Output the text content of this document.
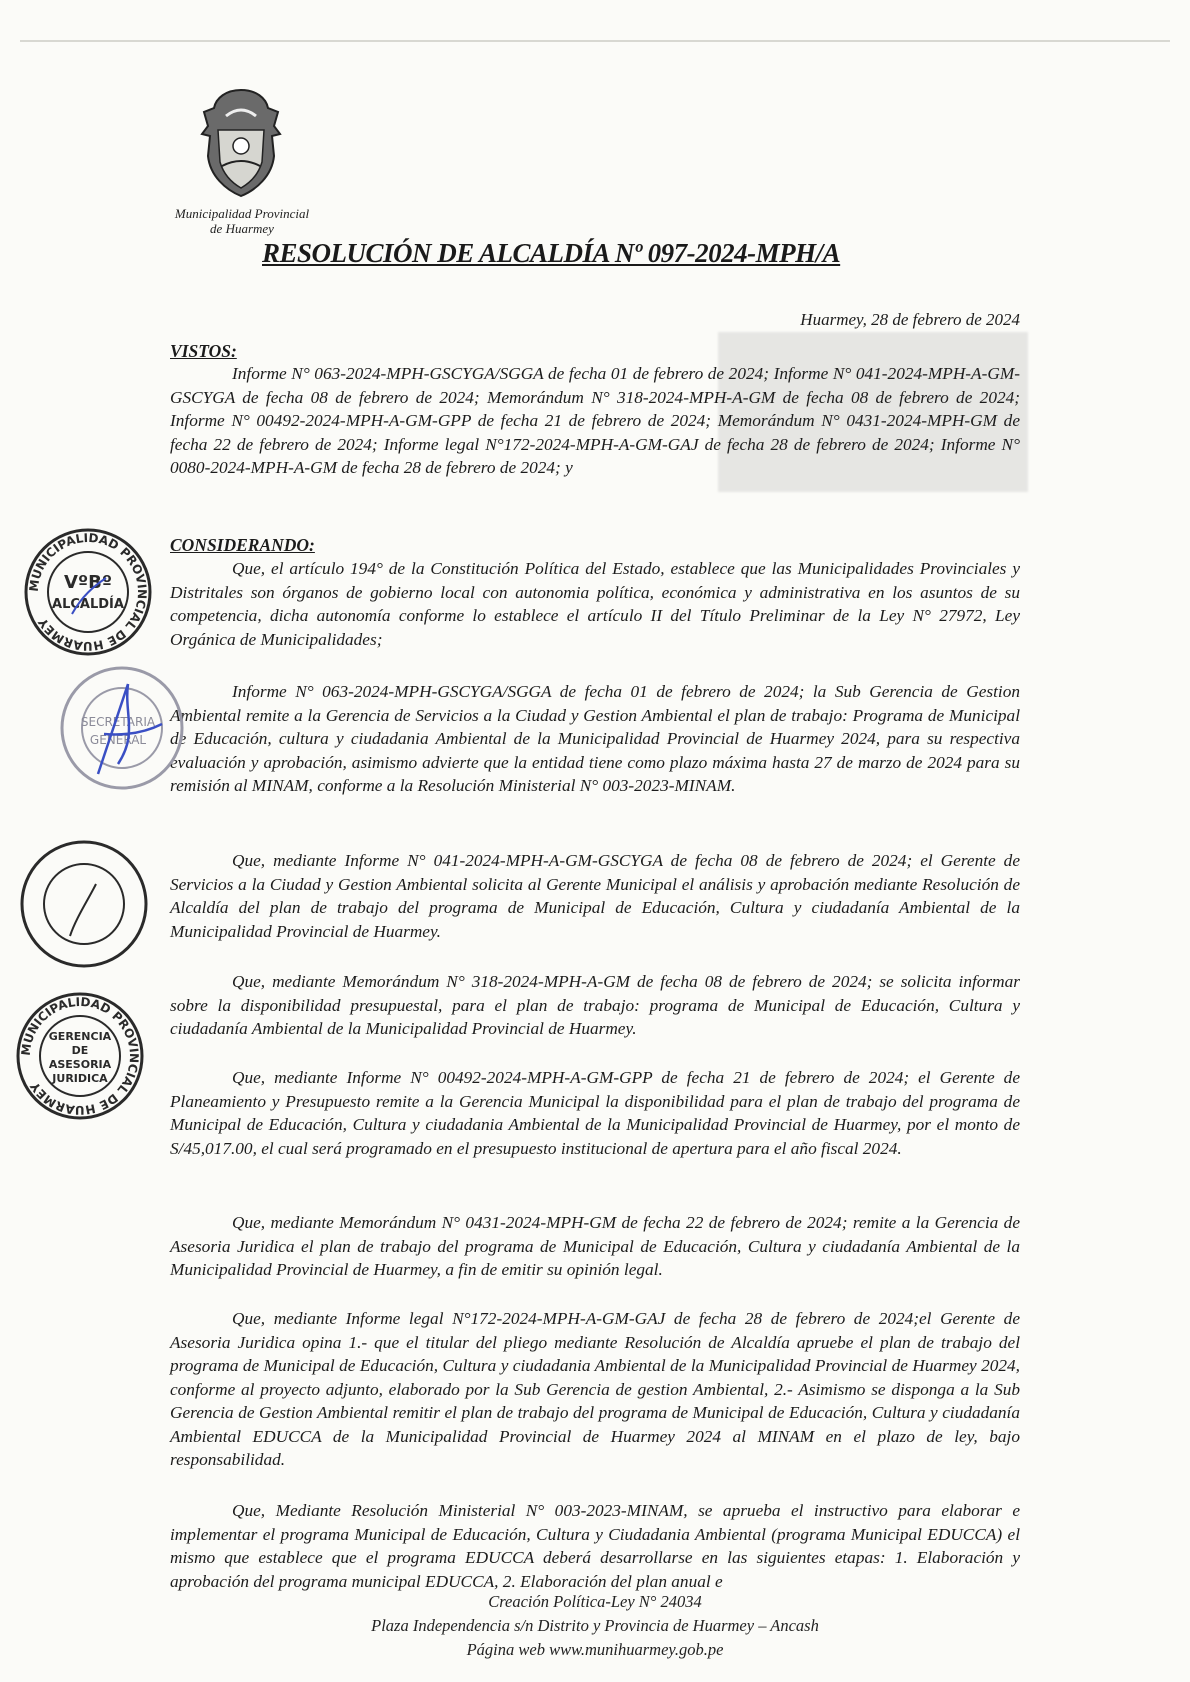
Municipalidad Provincial
de Huarmey
RESOLUCIÓN DE ALCALDÍA Nº 097-2024-MPH/A
Huarmey, 28 de febrero de 2024
VISTOS:

Informe N° 063-2024-MPH-GSCYGA/SGGA de fecha 01 de febrero de 2024; Informe N° 041-2024-MPH-A-GM-GSCYGA de fecha 08 de febrero de 2024; Memorándum N° 318-2024-MPH-A-GM de fecha 08 de febrero de 2024; Informe N° 00492-2024-MPH-A-GM-GPP de fecha 21 de febrero de 2024; Memorándum N° 0431-2024-MPH-GM de fecha 22 de febrero de 2024; Informe legal N°172-2024-MPH-A-GM-GAJ de fecha 28 de febrero de 2024; Informe N° 0080-2024-MPH-A-GM de fecha 28 de febrero de 2024; y

CONSIDERANDO:

Que, el artículo 194° de la Constitución Política del Estado, establece que las Municipalidades Provinciales y Distritales son órganos de gobierno local con autonomia política, económica y administrativa en los asuntos de su competencia, dicha autonomía conforme lo establece el artículo II del Título Preliminar de la Ley N° 27972, Ley Orgánica de Municipalidades;

Informe N° 063-2024-MPH-GSCYGA/SGGA de fecha 01 de febrero de 2024; la Sub Gerencia de Gestion Ambiental remite a la Gerencia de Servicios a la Ciudad y Gestion Ambiental el plan de trabajo: Programa de Municipal de Educación, cultura y ciudadania Ambiental de la Municipalidad Provincial de Huarmey 2024, para su respectiva evaluación y aprobación, asimismo advierte que la entidad tiene como plazo máxima hasta 27 de marzo de 2024 para su remisión al MINAM, conforme a la Resolución Ministerial N° 003-2023-MINAM.

Que, mediante Informe N° 041-2024-MPH-A-GM-GSCYGA de fecha 08 de febrero de 2024; el Gerente de Servicios a la Ciudad y Gestion Ambiental solicita al Gerente Municipal el análisis y aprobación mediante Resolución de Alcaldía del plan de trabajo del programa de Municipal de Educación, Cultura y ciudadanía Ambiental de la Municipalidad Provincial de Huarmey.

Que, mediante Memorándum N° 318-2024-MPH-A-GM de fecha 08 de febrero de 2024; se solicita informar sobre la disponibilidad presupuestal, para el plan de trabajo: programa de Municipal de Educación, Cultura y ciudadanía Ambiental de la Municipalidad Provincial de Huarmey.

Que, mediante Informe N° 00492-2024-MPH-A-GM-GPP de fecha 21 de febrero de 2024; el Gerente de Planeamiento y Presupuesto remite a la Gerencia Municipal la disponibilidad para el plan de trabajo del programa de Municipal de Educación, Cultura y ciudadania Ambiental de la Municipalidad Provincial de Huarmey, por el monto de S/45,017.00, el cual será programado en el presupuesto institucional de apertura para el año fiscal 2024.

Que, mediante Memorándum N° 0431-2024-MPH-GM de fecha 22 de febrero de 2024; remite a la Gerencia de Asesoria Juridica el plan de trabajo del programa de Municipal de Educación, Cultura y ciudadanía Ambiental de la Municipalidad Provincial de Huarmey, a fin de emitir su opinión legal.

Que, mediante Informe legal N°172-2024-MPH-A-GM-GAJ de fecha 28 de febrero de 2024;el Gerente de Asesoria Juridica opina 1.- que el titular del pliego mediante Resolución de Alcaldía apruebe el plan de trabajo del programa de Municipal de Educación, Cultura y ciudadania Ambiental de la Municipalidad Provincial de Huarmey 2024, conforme al proyecto adjunto, elaborado por la Sub Gerencia de gestion Ambiental, 2.- Asimismo se disponga a la Sub Gerencia de Gestion Ambiental remitir el plan de trabajo del programa de Municipal de Educación, Cultura y ciudadanía Ambiental EDUCCA de la Municipalidad Provincial de Huarmey 2024 al MINAM en el plazo de ley, bajo responsabilidad.

Que, Mediante Resolución Ministerial N° 003-2023-MINAM, se aprueba el instructivo para elaborar e implementar el programa Municipal de Educación, Cultura y Ciudadania Ambiental (programa Municipal EDUCCA) el mismo que establece que el programa EDUCCA deberá desarrollarse en las siguientes etapas: 1. Elaboración y aprobación del programa municipal EDUCCA, 2. Elaboración del plan anual e

MUNICIPALIDAD PROVINCIAL DE HUARMEY
VºBº
ALCALDÍA
SECRETARIA
GENERAL
MUNICIPALIDAD PROVINCIAL DE HUARMEY
GERENCIA
DE
ASESORIA
JURIDICA
Creación Política-Ley N° 24034
Plaza Independencia s/n Distrito y Provincia de Huarmey – Ancash
Página web www.munihuarmey.gob.pe
